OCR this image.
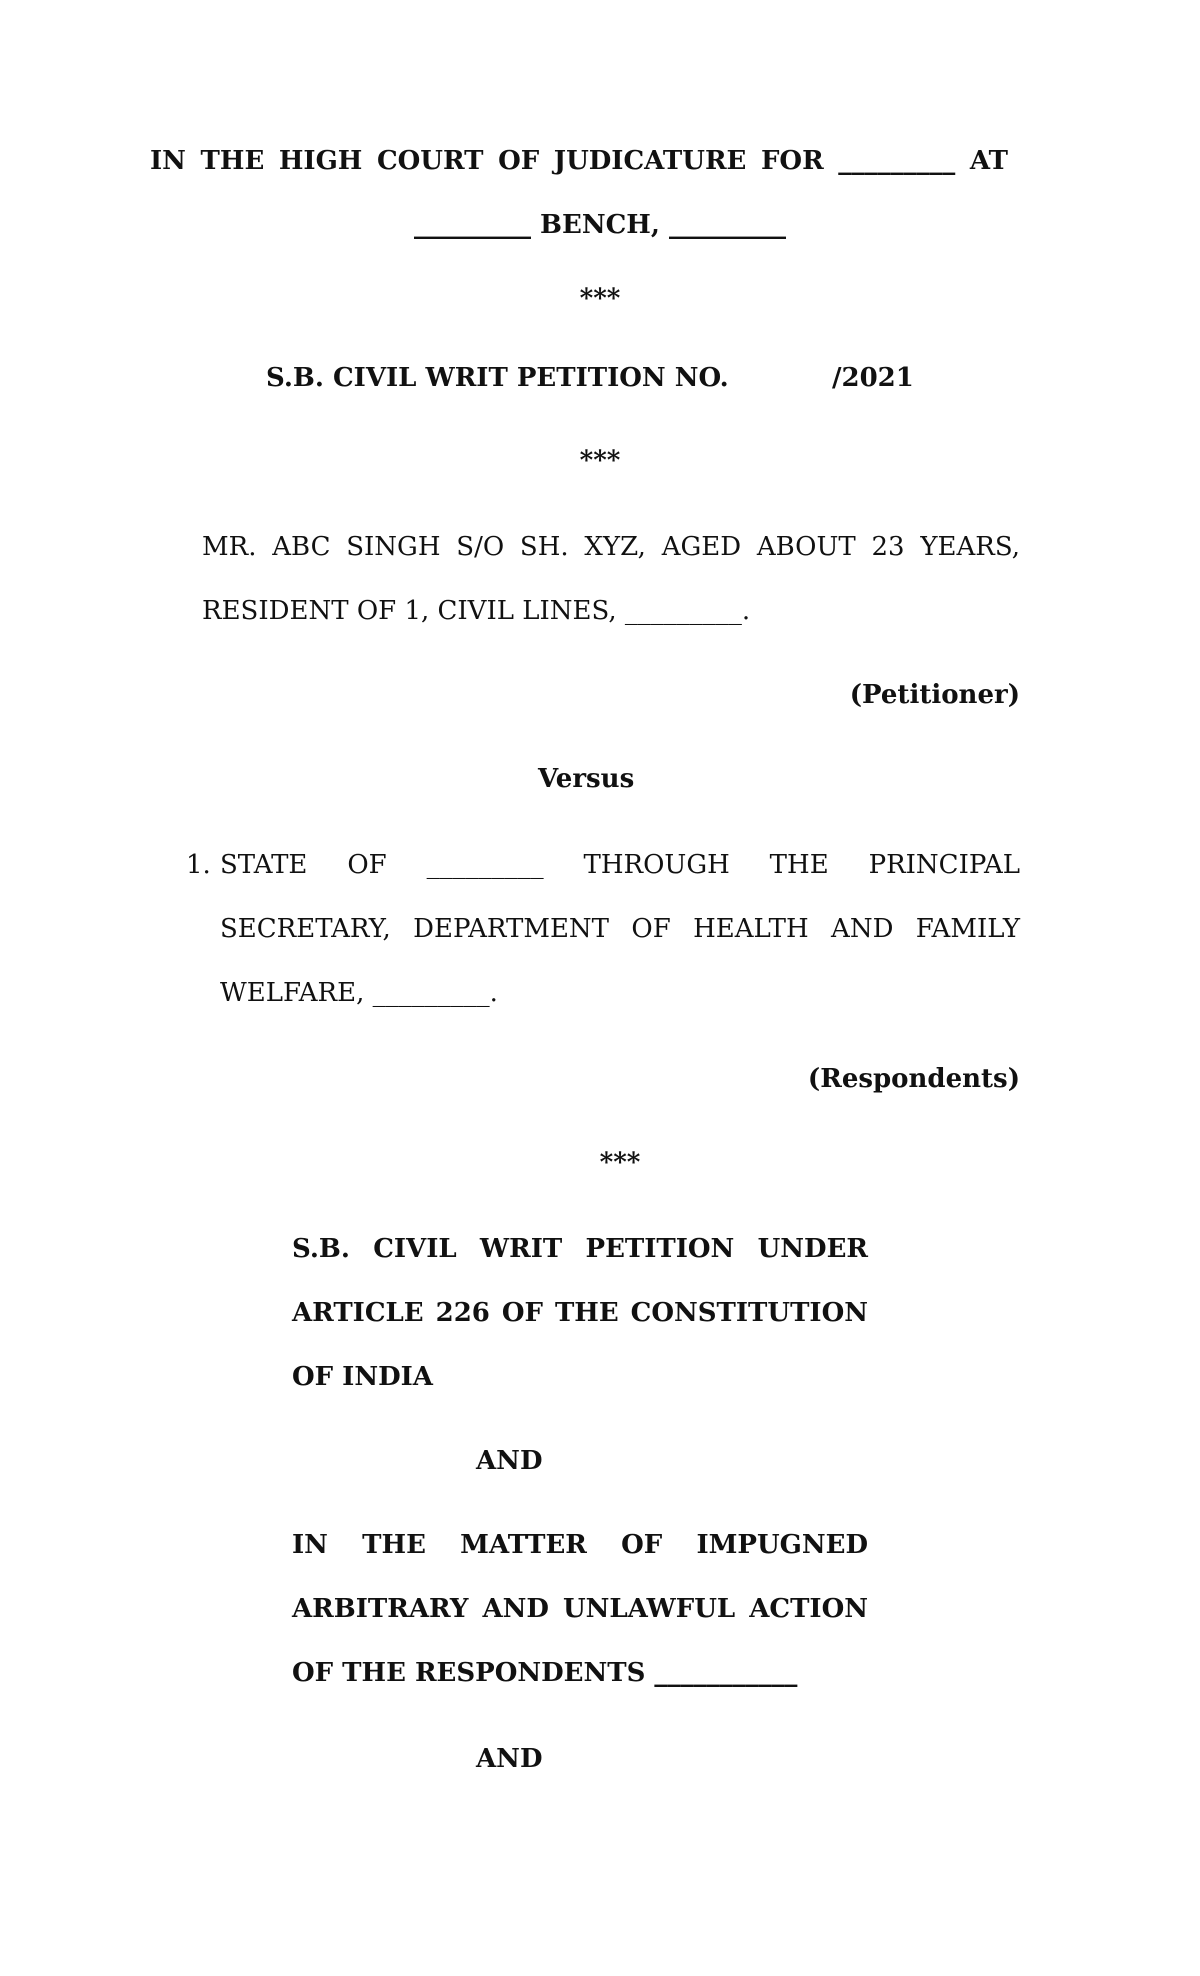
IN THE HIGH COURT OF JUDICATURE FOR _________ AT
_________ BENCH, _________
***
S.B. CIVIL WRIT PETITION NO.	/2021
***
MR. ABC SINGH S/O SH. XYZ, AGED ABOUT 23 YEARS,
RESIDENT OF 1, CIVIL LINES, _________.
(Petitioner)
Versus
1. STATE OF _________ THROUGH THE PRINCIPAL
SECRETARY, DEPARTMENT OF HEALTH AND FAMILY
WELFARE, _________.
(Respondents)
***
S.B. CIVIL WRIT PETITION UNDER
ARTICLE 226 OF THE CONSTITUTION
OF INDIA
AND
IN THE MATTER OF IMPUGNED
ARBITRARY AND UNLAWFUL ACTION
OF THE RESPONDENTS ___________
AND
